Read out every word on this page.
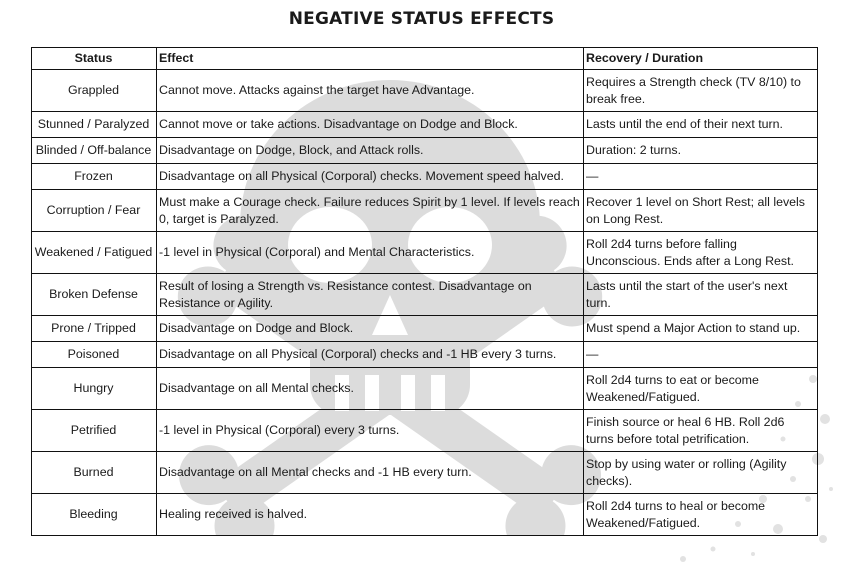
NEGATIVE STATUS EFFECTS
Status	Effect	Recovery / Duration
Grappled	Cannot move. Attacks against the target have Advantage.	Requires a Strength check (TV 8/10) to break free.
Stunned / Paralyzed	Cannot move or take actions. Disadvantage on Dodge and Block.	Lasts until the end of their next turn.
Blinded / Off-balance	Disadvantage on Dodge, Block, and Attack rolls.	Duration: 2 turns.
Frozen	Disadvantage on all Physical (Corporal) checks. Movement speed halved.	—
Corruption / Fear	Must make a Courage check. Failure reduces Spirit by 1 level. If levels reach 0, target is Paralyzed.	Recover 1 level on Short Rest; all levels on Long Rest.
Weakened / Fatigued	-1 level in Physical (Corporal) and Mental Characteristics.	Roll 2d4 turns before falling Unconscious. Ends after a Long Rest.
Broken Defense	Result of losing a Strength vs. Resistance contest. Disadvantage on Resistance or Agility.	Lasts until the start of the user's next turn.
Prone / Tripped	Disadvantage on Dodge and Block.	Must spend a Major Action to stand up.
Poisoned	Disadvantage on all Physical (Corporal) checks and -1 HB every 3 turns.	—
Hungry	Disadvantage on all Mental checks.	Roll 2d4 turns to eat or become Weakened/Fatigued.
Petrified	-1 level in Physical (Corporal) every 3 turns.	Finish source or heal 6 HB. Roll 2d6 turns before total petrification.
Burned	Disadvantage on all Mental checks and -1 HB every turn.	Stop by using water or rolling (Agility checks).
Bleeding	Healing received is halved.	Roll 2d4 turns to heal or become Weakened/Fatigued.
